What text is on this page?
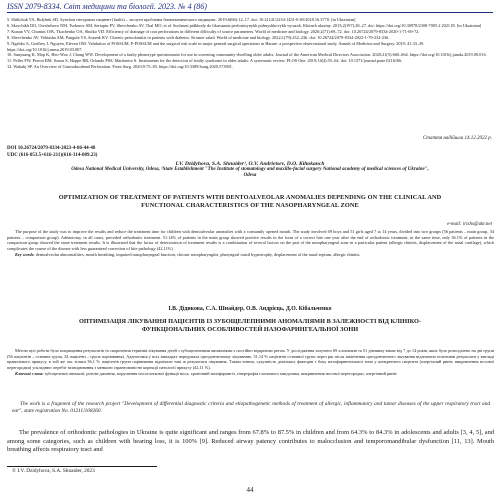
ISSN 2079-8334. Світ медицини та біології. 2023. № 4 (86)

5. Shilichuk VA, Bulyhnk SD. Synchon гнездовых пациент (faults) – заслуги проблемы биомеханического медицинс. 2019;6(66):12–17. doi: 10.21141/2234-1451-6-65/2018.16.3770. [in Ukrainian]

6. Skrychikh DO, Oreshehova NM, Tsekarov SM, Seriapin PV, Shevchenko AV, Tkal MO, et al. Suchasni pidkhody do likuvannia perfoatsiynykh pidmyshkovykh vyrazok. Khirurh ukrainy. 2013;2(197):28–27. doi: https://doi.org/10.30978/2308-7005.2 2021 I8. [in Ukrainian]

7. Kunan VV, Chumas O/K, Tkachenko OA, Shulko VD. Efficiency of drainage of root perforations in different difficulty of source parameters. World of medicine and biology. 2020;2(71):69–72. doi: 10.26724/2079-8334-2020-1-71-69-72.

8. Shevchenko AV, Yehiasha AM, Pangula VS, Sozenk KV. Chronic periodontitis in patients with diabetes. Kromer salad. World of medicine and biology. 2022;1(79):232–236. doi: 10.26724/2079-8334-2022-1-79-232-236.

9. Ngabko A, Godfrey J, Nguyen, Eleven OM. Validation of POSSUM, P-POSSUM and the surgical risk scale in major general surgical operations in Harare: a prospective observational study. Annals of Medicine and Surgery. 2019; 41:33–39. https://doi.org/10.1016/j.amsu.2019.03.007.

10. Sunyuang K, Mop K, Heo-Woo J, Chang WW. Development of a faulty phenotype questionnaire for use in screening community-dwelling older adults. Journal of the American Medical Directors Association. 2020;21(5):660–664. https://doi.org/10.1016/j.jamda.2019.08.016.

11. Peller FW, Peroni BM, Sonza S, Hoppe RR, Orlando PSS, Martinetto S. Instruments for the detection of frailty syndrome in older adults: A systematic review. PLOS One. 2019;14(4):55–64. doi: 10.1371/journal.pone.0216166.

12. Wakabj SP. An Overview of Gastroduodenal Perforation. Front Surg. 2020;9:75–83. https://doi.org/10.3389/fsurg.2020.573901.

Стаття надійшла 14.12.2022 р.

DOI 10.26724/2079-8334-2023-4-86-44-48

UDC (616-053.5+616-211)(616-314-089.23)

I.V. Dzidyhova, S.A. Shnaider¹, O.V. Andrietsev, D.O. Kiltokanch

Odesa National Medical University, Odesa, ¹State Establishment "The Institute of stomatology and maxillo-facial surgery National academy of medical sciences of Ukraine", Odesa

OPTIMIZATION OF TREATMENT OF PATIENTS WITH DENTOALVEOLAR ANOMALIES DEPENDING ON THE CLINICAL AND FUNCTIONAL CHARACTERISTICS OF THE NASOPHARYNGEAL ZONE
e-mail: irishs@ukr.net

The purpose of the study was to improve the results and reduce the treatment time for children with dentoalveolar anomalies with a constantly opened mouth. The study involved 69 boys and 51 girls aged 7 to 14 years, divided into two groups (56 patients – main group, 34 patients – comparison group). Adenotomy, in all cases, preceded orthodontic treatment. 51.14% of patients in the main group showed positive results in the form of a correct bite one year after the end of orthodontic treatment, in the same time, only 36.1% of patients in the comparison group showed the same treatment results. It is illustrated that the factor of deterioration of treatment results is a combination of several factors on the part of the nasopharyngeal zone in a particular patient (allergic rhinitis, displacement of the nasal cartilage), which complicates the course of the disease with less guaranteed correction of bite pathology (42.11%).

Key words: dentoalveolar abnormalities, mouth breathing, impaired nasopharyngeal function, chronic nasopharyngitis, pharyngeal tonsil hypertrophy, displacement of the nasal septum, allergic rhinitis.

І.В. Дідикова, С.А. Шнайдер, О.В. Андрієць, Д.О. Кібальченко
ОПТИМІЗАЦІЯ ЛІКУВАННЯ ПАЦІЄНТІВ ІЗ ЗУБОЩЕЛЕПНИМИ АНОМАЛІЯМИ В ЗАЛЕЖНОСТІ ВІД КЛІНІКО-ФУНКЦІОНАЛЬНИХ ОСОБЛИВОСТЕЙ НАЗОФАРИНГЕАЛЬНОЇ ЗОНИ

Метою цієї роботи було покращення результатів та скорочення термінів лікування дітей з зубощелепними аномаліями з постійно відкритим ротом. У дослідження залучено 69 хлопчиків та 51 дівчинку віком від 7 до 14 років, яких було розподілено на дві групи (56 пацієнтів – основна група, 34 пацієнти – група порівняння). Аденотомія у всіх випадках передувала ортодонтичному лікуванню. 51,14 % пацієнтів основної групи через рік після закінчення ортодонтичного лікування відзначено позитивні результати у вигляді правильного прикусу, в той же час тільки 36,1 % пацієнтів групи порівняння відмічали такі ж результати лікування. Таким чином, сукупність декількох факторів з боку назофарингеальної зони у конкретного пацієнта (алергічний риніт, викривлення носової перегородки) ускладнює перебіг захворювання з меншою гарантованістю корекції патології прикусу (42,11 %).

Ключові слова: зубощелепні аномалії, ротове дихання, порушення носоглоткової функції носа, хронічний назофарингіт, гіпертрофія глоткового мигдалика, викривлення носової перегородки, алергічний риніт.

The work is a fragment of the research project "Development of differential diagnostic criteria and etiopathogenetic methods of treatment of allergic, inflammatory and tumor diseases of the upper respiratory tract and ear", state registration No. 0121U108260.

The prevalence of orthodontic pathologies in Ukraine is quite significant and ranges from 67.8% to 87.5% in children and from 64.3% to 84.3% in adolescents and adults [3, 4, 5], and among some categories, such as children with hearing loss, it is 100% [9]. Reduced airway patency contributes to malocclusion and temporomandibular dysfunction [11, 13]. Mouth breathing affects respiratory tract and

© I.V. Dzidyhova, S.A. Shnaider, 2023

44
